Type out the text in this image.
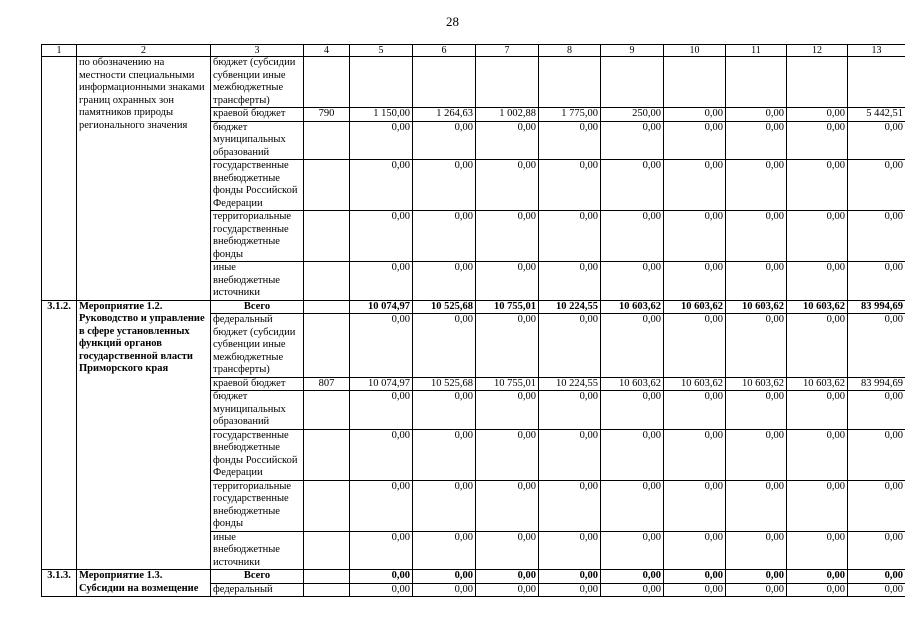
28
1	2	3	4	5	6	7	8	9	10	11	12	13
	по обозначению на местности специальными информационными знаками границ охранных зон памятников природы регионального значения	бюджет (субсидии субвенции иные межбюджетные трансферты)										
		краевой бюджет	790	1 150,00	1 264,63	1 002,88	1 775,00	250,00	0,00	0,00	0,00	5 442,51
		бюджет муниципальных образований		0,00	0,00	0,00	0,00	0,00	0,00	0,00	0,00	0,00
		государственные внебюджетные фонды Российской Федерации		0,00	0,00	0,00	0,00	0,00	0,00	0,00	0,00	0,00
		территориальные государственные внебюджетные фонды		0,00	0,00	0,00	0,00	0,00	0,00	0,00	0,00	0,00
		иные внебюджетные источники		0,00	0,00	0,00	0,00	0,00	0,00	0,00	0,00	0,00
3.1.2.	Мероприятие 1.2. Руководство и управление в сфере установленных функций органов государственной власти Приморского края	Всего		10 074,97	10 525,68	10 755,01	10 224,55	10 603,62	10 603,62	10 603,62	10 603,62	83 994,69
		федеральный бюджет (субсидии субвенции иные межбюджетные трансферты)		0,00	0,00	0,00	0,00	0,00	0,00	0,00	0,00	0,00
		краевой бюджет	807	10 074,97	10 525,68	10 755,01	10 224,55	10 603,62	10 603,62	10 603,62	10 603,62	83 994,69
		бюджет муниципальных образований		0,00	0,00	0,00	0,00	0,00	0,00	0,00	0,00	0,00
		государственные внебюджетные фонды Российской Федерации		0,00	0,00	0,00	0,00	0,00	0,00	0,00	0,00	0,00
		территориальные государственные внебюджетные фонды		0,00	0,00	0,00	0,00	0,00	0,00	0,00	0,00	0,00
		иные внебюджетные источники		0,00	0,00	0,00	0,00	0,00	0,00	0,00	0,00	0,00
3.1.3.	Мероприятие 1.3. Субсидии на возмещение	Всего		0,00	0,00	0,00	0,00	0,00	0,00	0,00	0,00	0,00
		федеральный		0,00	0,00	0,00	0,00	0,00	0,00	0,00	0,00	0,00
